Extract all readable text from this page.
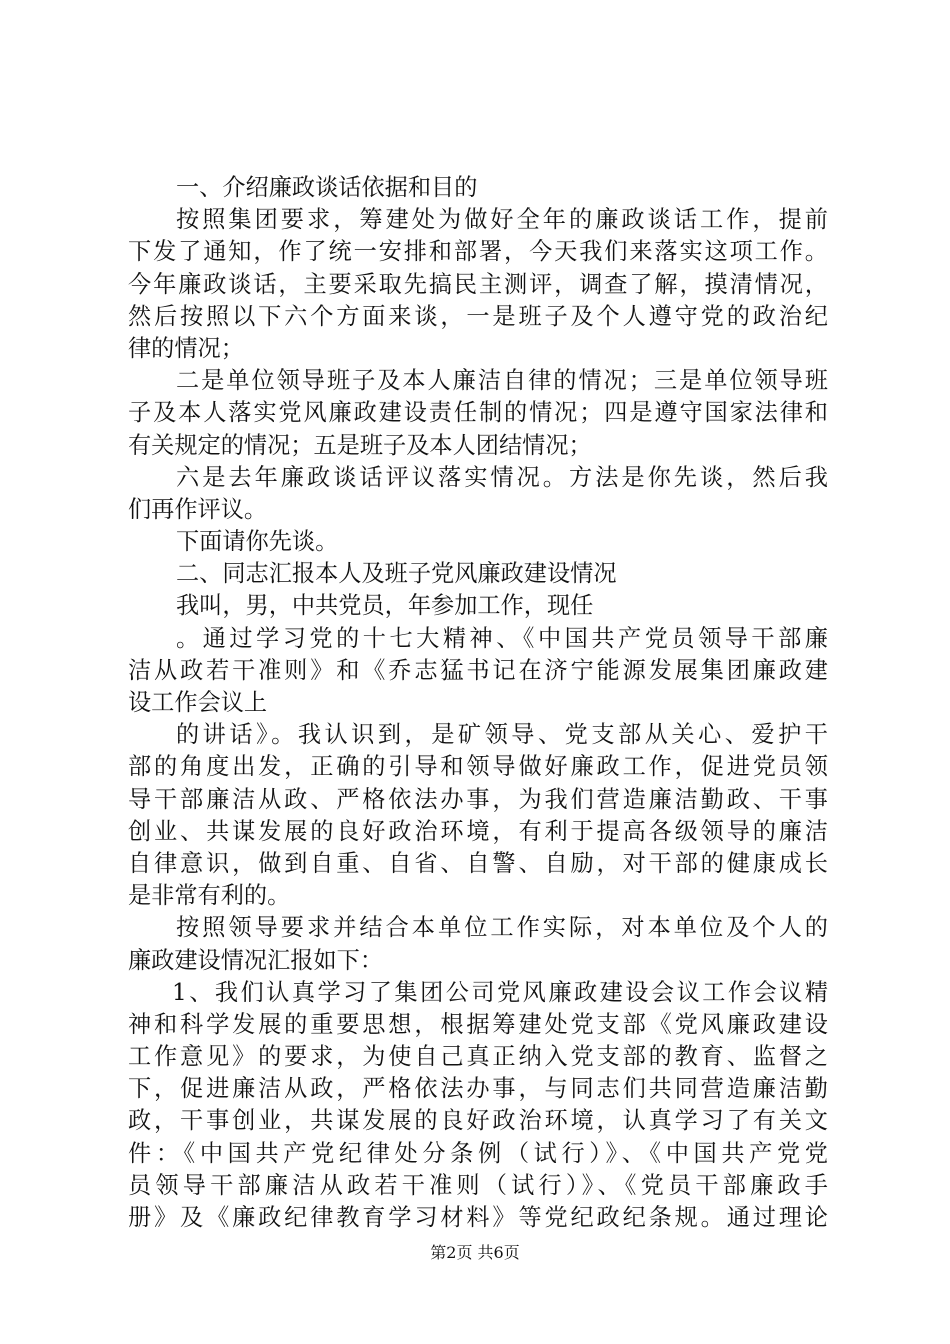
一、介绍廉政谈话依据和目的
按照集团要求，筹建处为做好全年的廉政谈话工作，提前
下发了通知，作了统一安排和部署，今天我们来落实这项工作。
今年廉政谈话，主要采取先搞民主测评，调查了解，摸清情况，
然后按照以下六个方面来谈，一是班子及个人遵守党的政治纪
律的情况；
二是单位领导班子及本人廉洁自律的情况；三是单位领导班
子及本人落实党风廉政建设责任制的情况；四是遵守国家法律和
有关规定的情况；五是班子及本人团结情况；
六是去年廉政谈话评议落实情况。方法是你先谈，然后我
们再作评议。
下面请你先谈。
二、同志汇报本人及班子党风廉政建设情况
我叫，男，中共党员，年参加工作，现任
。通过学习党的十七大精神、《中国共产党员领导干部廉
洁从政若干准则》和《乔志猛书记在济宁能源发展集团廉政建
设工作会议上
的讲话》。我认识到，是矿领导、党支部从关心、爱护干
部的角度出发，正确的引导和领导做好廉政工作，促进党员领
导干部廉洁从政、严格依法办事，为我们营造廉洁勤政、干事
创业、共谋发展的良好政治环境，有利于提高各级领导的廉洁
自律意识，做到自重、自省、自警、自励，对干部的健康成长
是非常有利的。
按照领导要求并结合本单位工作实际，对本单位及个人的
廉政建设情况汇报如下：
1、我们认真学习了集团公司党风廉政建设会议工作会议精
神和科学发展的重要思想，根据筹建处党支部《党风廉政建设
工作意见》的要求，为使自己真正纳入党支部的教育、监督之
下，促进廉洁从政，严格依法办事，与同志们共同营造廉洁勤
政，干事创业，共谋发展的良好政治环境，认真学习了有关文
件：《中国共产党纪律处分条例（试行）》、《中国共产党党
员领导干部廉洁从政若干准则（试行）》、《党员干部廉政手
册》及《廉政纪律教育学习材料》等党纪政纪条规。通过理论
第2页 共6页
